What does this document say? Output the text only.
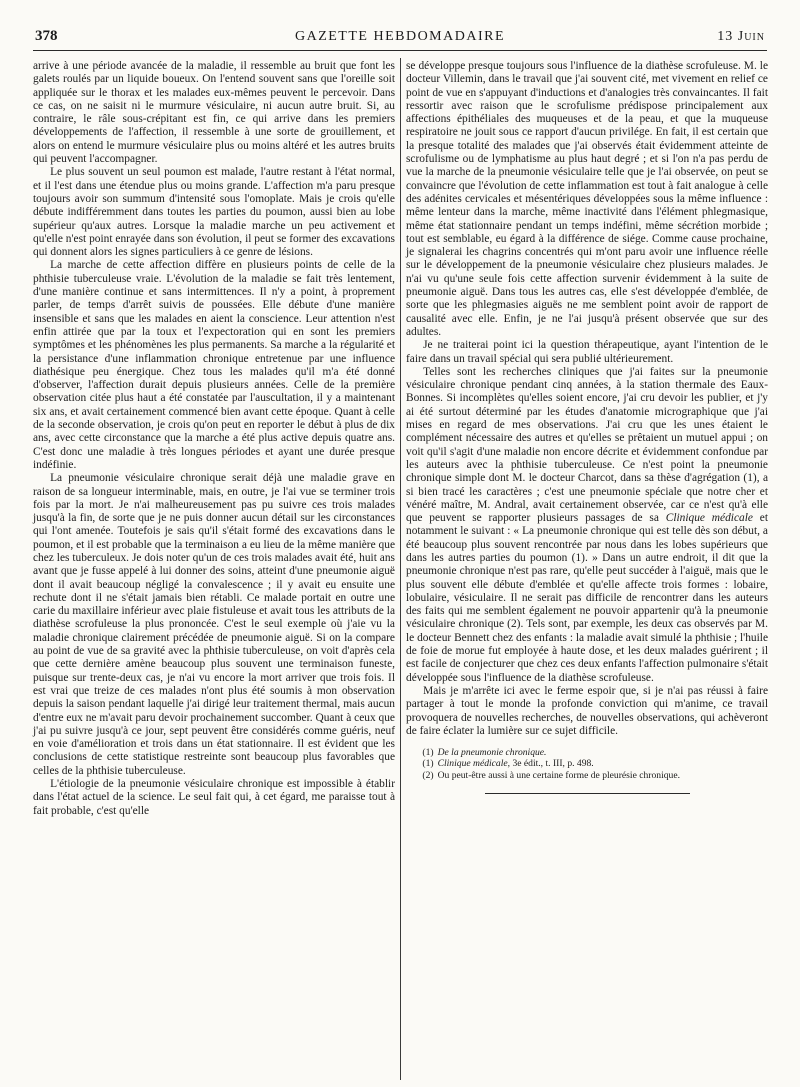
378	GAZETTE HEBDOMADAIRE	13 Juin

arrive à une période avancée de la maladie, il ressemble au bruit que font les galets roulés par un liquide boueux. On l'entend souvent sans que l'oreille soit appliquée sur le thorax et les malades eux-mêmes peuvent le percevoir. Dans ce cas, on ne saisit ni le murmure vésiculaire, ni aucun autre bruit. Si, au contraire, le râle sous-crépitant est fin, ce qui arrive dans les premiers développements de l'affection, il ressemble à une sorte de grouillement, et alors on entend le murmure vésiculaire plus ou moins altéré et les autres bruits qui peuvent l'accompagner.

Le plus souvent un seul poumon est malade, l'autre restant à l'état normal, et il l'est dans une étendue plus ou moins grande. L'affection m'a paru presque toujours avoir son summum d'intensité sous l'omoplate. Mais je crois qu'elle débute indifféremment dans toutes les parties du poumon, aussi bien au lobe supérieur qu'aux autres. Lorsque la maladie marche un peu activement et qu'elle n'est point enrayée dans son évolution, il peut se former des excavations qui donnent alors les signes particuliers à ce genre de lésions.

La marche de cette affection diffère en plusieurs points de celle de la phthisie tuberculeuse vraie. L'évolution de la maladie se fait très lentement, d'une manière continue et sans intermittences. Il n'y a point, à proprement parler, de temps d'arrêt suivis de poussées. Elle débute d'une manière insensible et sans que les malades en aient la conscience. Leur attention n'est enfin attirée que par la toux et l'expectoration qui en sont les premiers symptômes et les phénomènes les plus permanents. Sa marche a la régularité et la persistance d'une inflammation chronique entretenue par une influence diathésique peu énergique. Chez tous les malades qu'il m'a été donné d'observer, l'affection durait depuis plusieurs années. Celle de la première observation citée plus haut a été constatée par l'auscultation, il y a maintenant six ans, et avait certainement commencé bien avant cette époque. Quant à celle de la seconde observation, je crois qu'on peut en reporter le début à plus de dix ans, avec cette circonstance que la marche a été plus active depuis quatre ans. C'est donc une maladie à très longues périodes et ayant une durée presque indéfinie.

La pneumonie vésiculaire chronique serait déjà une maladie grave en raison de sa longueur interminable, mais, en outre, je l'ai vue se terminer trois fois par la mort. Je n'ai malheureusement pas pu suivre ces trois malades jusqu'à la fin, de sorte que je ne puis donner aucun détail sur les circonstances qui l'ont amenée. Toutefois je sais qu'il s'était formé des excavations dans le poumon, et il est probable que la terminaison a eu lieu de la même manière que chez les tuberculeux. Je dois noter qu'un de ces trois malades avait été, huit ans avant que je fusse appelé à lui donner des soins, atteint d'une pneumonie aiguë dont il avait beaucoup négligé la convalescence ; il y avait eu ensuite une rechute dont il ne s'était jamais bien rétabli. Ce malade portait en outre une carie du maxillaire inférieur avec plaie fistuleuse et avait tous les attributs de la diathèse scrofuleuse la plus prononcée. C'est le seul exemple où j'aie vu la maladie chronique clairement précédée de pneumonie aiguë. Si on la compare au point de vue de sa gravité avec la phthisie tuberculeuse, on voit d'après cela que cette dernière amène beaucoup plus souvent une terminaison funeste, puisque sur trente-deux cas, je n'ai vu encore la mort arriver que trois fois. Il est vrai que treize de ces malades n'ont plus été soumis à mon observation depuis la saison pendant laquelle j'ai dirigé leur traitement thermal, mais aucun d'entre eux ne m'avait paru devoir prochainement succomber. Quant à ceux que j'ai pu suivre jusqu'à ce jour, sept peuvent être considérés comme guéris, neuf en voie d'amélioration et trois dans un état stationnaire. Il est évident que les conclusions de cette statistique restreinte sont beaucoup plus favorables que celles de la phthisie tuberculeuse.

L'étiologie de la pneumonie vésiculaire chronique est impossible à établir dans l'état actuel de la science. Le seul fait qui, à cet égard, me paraisse tout à fait probable, c'est qu'elle

se développe presque toujours sous l'influence de la diathèse scrofuleuse. M. le docteur Villemin, dans le travail que j'ai souvent cité, met vivement en relief ce point de vue en s'appuyant d'inductions et d'analogies très convaincantes. Il fait ressortir avec raison que le scrofulisme prédispose principalement aux affections épithéliales des muqueuses et de la peau, et que la muqueuse respiratoire ne jouit sous ce rapport d'aucun privilége. En fait, il est certain que la presque totalité des malades que j'ai observés était évidemment atteinte de scrofulisme ou de lymphatisme au plus haut degré ; et si l'on n'a pas perdu de vue la marche de la pneumonie vésiculaire telle que je l'ai observée, on peut se convaincre que l'évolution de cette inflammation est tout à fait analogue à celle des adénites cervicales et mésentériques développées sous la même influence : même lenteur dans la marche, même inactivité dans l'élément phlegmasique, même état stationnaire pendant un temps indéfini, même sécrétion morbide ; tout est semblable, eu égard à la différence de siége. Comme cause prochaine, je signalerai les chagrins concentrés qui m'ont paru avoir une influence réelle sur le développement de la pneumonie vésiculaire chez plusieurs malades. Je n'ai vu qu'une seule fois cette affection survenir évidemment à la suite de pneumonie aiguë. Dans tous les autres cas, elle s'est développée d'emblée, de sorte que les phlegmasies aiguës ne me semblent point avoir de rapport de causalité avec elle. Enfin, je ne l'ai jusqu'à présent observée que sur des adultes.

Je ne traiterai point ici la question thérapeutique, ayant l'intention de le faire dans un travail spécial qui sera publié ultérieurement.

Telles sont les recherches cliniques que j'ai faites sur la pneumonie vésiculaire chronique pendant cinq années, à la station thermale des Eaux-Bonnes. Si incomplètes qu'elles soient encore, j'ai cru devoir les publier, et j'y ai été surtout déterminé par les études d'anatomie micrographique que j'ai mises en regard de mes observations. J'ai cru que les unes étaient le complément nécessaire des autres et qu'elles se prêtaient un mutuel appui ; on voit qu'il s'agit d'une maladie non encore décrite et évidemment confondue par les auteurs avec la phthisie tuberculeuse. Ce n'est point la pneumonie chronique simple dont M. le docteur Charcot, dans sa thèse d'agrégation (1), a si bien tracé les caractères ; c'est une pneumonie spéciale que notre cher et vénéré maître, M. Andral, avait certainement observée, car ce n'est qu'à elle que peuvent se rapporter plusieurs passages de sa Clinique médicale et notamment le suivant : « La pneumonie chronique qui est telle dès son début, a été beaucoup plus souvent rencontrée par nous dans les lobes supérieurs que dans les autres parties du poumon (1). » Dans un autre endroit, il dit que la pneumonie chronique n'est pas rare, qu'elle peut succéder à l'aiguë, mais que le plus souvent elle débute d'emblée et qu'elle affecte trois formes : lobaire, lobulaire, vésiculaire. Il ne serait pas difficile de rencontrer dans les auteurs des faits qui me semblent également ne pouvoir appartenir qu'à la pneumonie vésiculaire chronique (2). Tels sont, par exemple, les deux cas observés par M. le docteur Bennett chez des enfants : la maladie avait simulé la phthisie ; l'huile de foie de morue fut employée à haute dose, et les deux malades guérirent ; il est facile de conjecturer que chez ces deux enfants l'affection pulmonaire s'était développée sous l'influence de la diathèse scrofuleuse.

Mais je m'arrête ici avec le ferme espoir que, si je n'ai pas réussi à faire partager à tout le monde la profonde conviction qui m'anime, ce travail provoquera de nouvelles recherches, de nouvelles observations, qui achèveront de faire éclater la lumière sur ce sujet difficile.

(1) De la pneumonie chronique.

(1) Clinique médicale, 3e édit., t. III, p. 498.

(2) Ou peut-être aussi à une certaine forme de pleurésie chronique.
